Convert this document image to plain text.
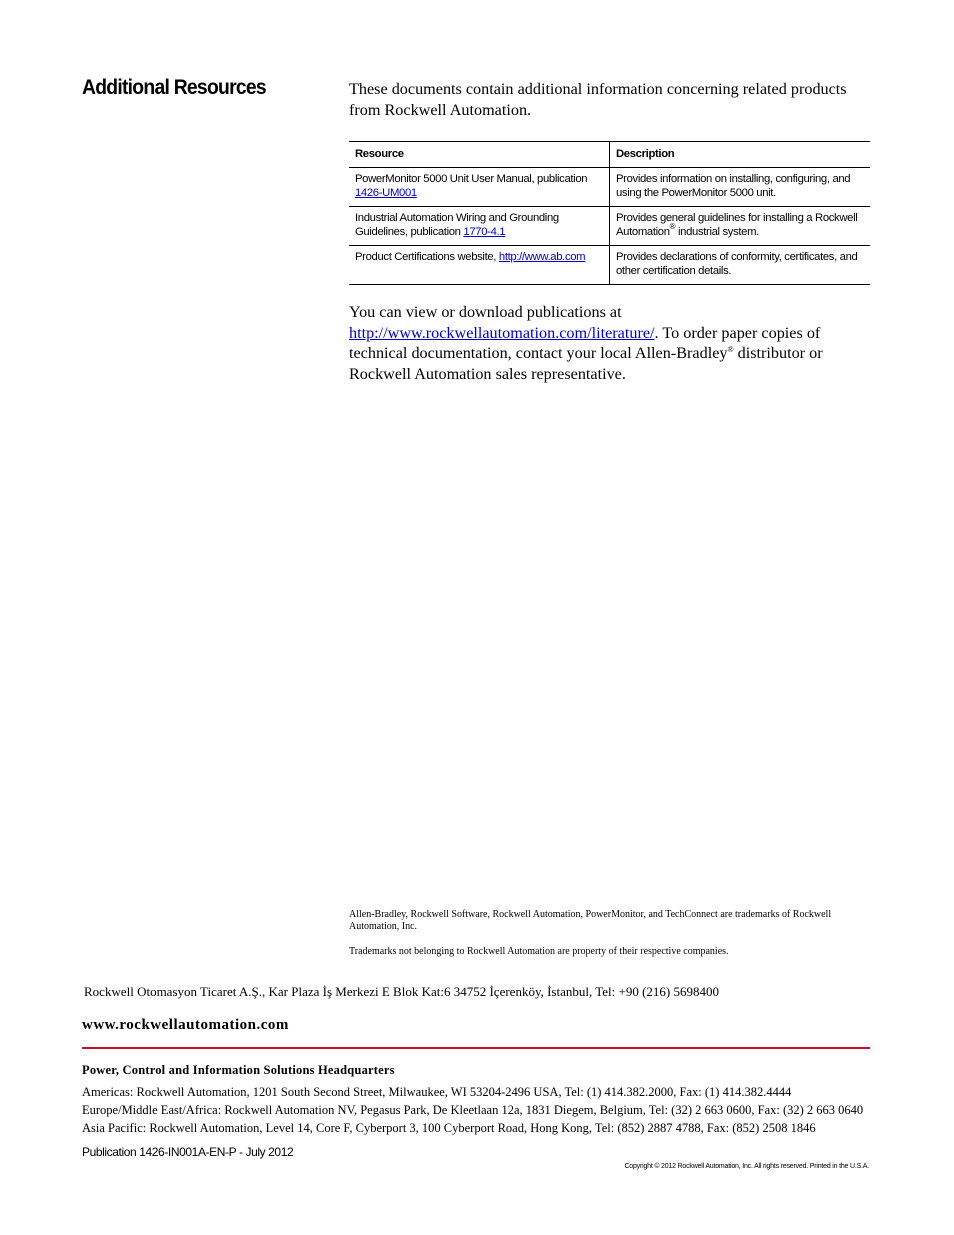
Additional Resources	These documents contain additional information concerning related products from Rockwell Automation.
Resource	Description
PowerMonitor 5000 Unit User Manual, publication 1426-UM001	Provides information on installing, configuring, and using the PowerMonitor 5000 unit.
Industrial Automation Wiring and Grounding Guidelines, publication 1770-4.1	Provides general guidelines for installing a Rockwell Automation® industrial system.
Product Certifications website, http://www.ab.com	Provides declarations of conformity, certificates, and other certification details.
You can view or download publications at http://www.rockwellautomation.com/literature/. To order paper copies of technical documentation, contact your local Allen-Bradley® distributor or Rockwell Automation sales representative.
Allen-Bradley, Rockwell Software, Rockwell Automation, PowerMonitor, and TechConnect are trademarks of Rockwell Automation, Inc.
Trademarks not belonging to Rockwell Automation are property of their respective companies.
Rockwell Otomasyon Ticaret A.Ş., Kar Plaza İş Merkezi E Blok Kat:6 34752 İçerenköy, İstanbul, Tel: +90 (216) 5698400
www.rockwellautomation.com
Power, Control and Information Solutions Headquarters
Americas: Rockwell Automation, 1201 South Second Street, Milwaukee, WI 53204-2496 USA, Tel: (1) 414.382.2000, Fax: (1) 414.382.4444
Europe/Middle East/Africa: Rockwell Automation NV, Pegasus Park, De Kleetlaan 12a, 1831 Diegem, Belgium, Tel: (32) 2 663 0600, Fax: (32) 2 663 0640
Asia Pacific: Rockwell Automation, Level 14, Core F, Cyberport 3, 100 Cyberport Road, Hong Kong, Tel: (852) 2887 4788, Fax: (852) 2508 1846
Publication 1426-IN001A-EN-P - July 2012
Copyright © 2012 Rockwell Automation, Inc. All rights reserved. Printed in the U.S.A.
